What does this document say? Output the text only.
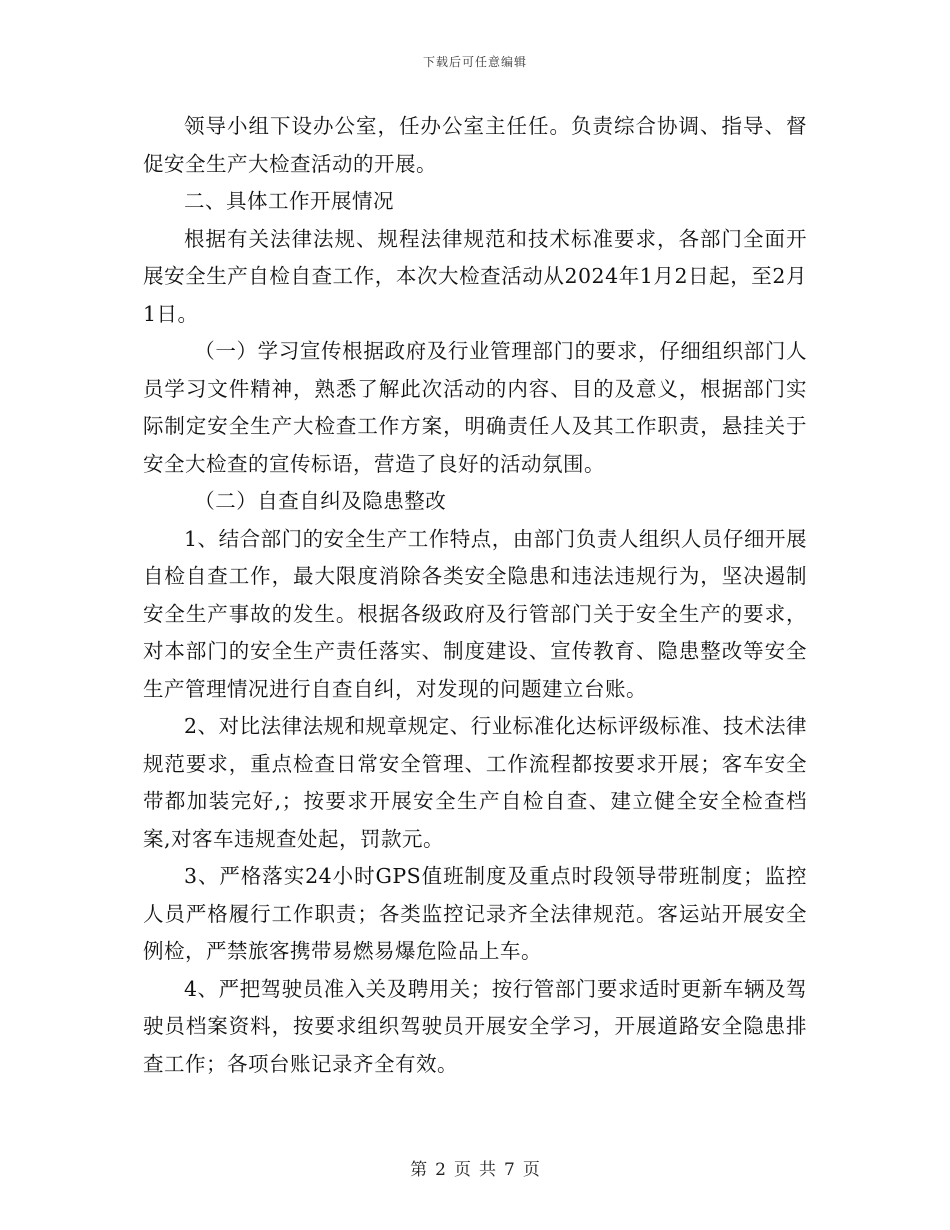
下载后可任意编辑

领导小组下设办公室，任办公室主任任。负责综合协调、指导、督促安全生产大检查活动的开展。

二、具体工作开展情况

根据有关法律法规、规程法律规范和技术标准要求，各部门全面开展安全生产自检自查工作，本次大检查活动从2024年1月2日起，至2月1日。

（一）学习宣传根据政府及行业管理部门的要求，仔细组织部门人员学习文件精神，熟悉了解此次活动的内容、目的及意义，根据部门实际制定安全生产大检查工作方案，明确责任人及其工作职责，悬挂关于安全大检查的宣传标语，营造了良好的活动氛围。

（二）自查自纠及隐患整改

1、结合部门的安全生产工作特点，由部门负责人组织人员仔细开展自检自查工作，最大限度消除各类安全隐患和违法违规行为，坚决遏制安全生产事故的发生。根据各级政府及行管部门关于安全生产的要求，对本部门的安全生产责任落实、制度建设、宣传教育、隐患整改等安全生产管理情况进行自查自纠，对发现的问题建立台账。

2、对比法律法规和规章规定、行业标准化达标评级标准、技术法律规范要求，重点检查日常安全管理、工作流程都按要求开展；客车安全带都加装完好,；按要求开展安全生产自检自查、建立健全安全检查档案,对客车违规查处起，罚款元。

3、严格落实24小时GPS值班制度及重点时段领导带班制度；监控人员严格履行工作职责；各类监控记录齐全法律规范。客运站开展安全例检，严禁旅客携带易燃易爆危险品上车。

4、严把驾驶员准入关及聘用关；按行管部门要求适时更新车辆及驾驶员档案资料，按要求组织驾驶员开展安全学习，开展道路安全隐患排查工作；各项台账记录齐全有效。

第 2 页 共 7 页
